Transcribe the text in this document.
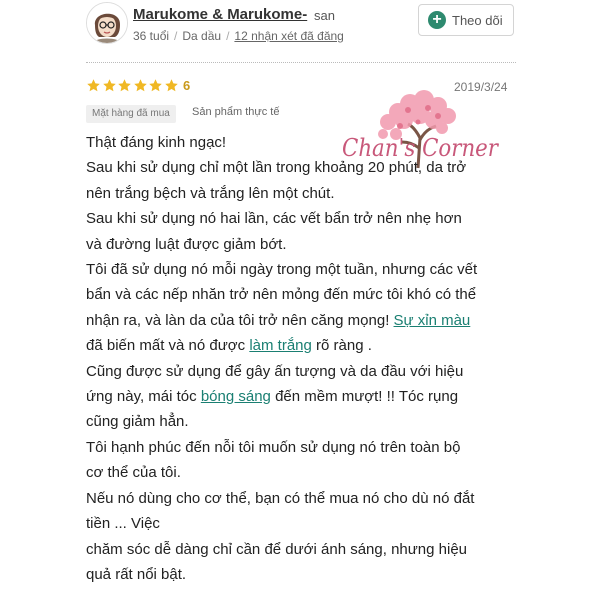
Marukome & Marukome- san
36 tuổi / Da dầu / 12 nhận xét đã đăng
+ Theo dõi
6	2019/3/24
Mặt hàng đã mua	Sản phẩm thực tế
Chan's Corner
Thật đáng kinh ngạc!
Sau khi sử dụng chỉ một lần trong khoảng 20 phút, da trở
nên trắng bệch và trắng lên một chút.
Sau khi sử dụng nó hai lần, các vết bẩn trở nên nhẹ hơn
và đường luật được giảm bớt.
Tôi đã sử dụng nó mỗi ngày trong một tuần, nhưng các vết
bẩn và các nếp nhăn trở nên mỏng đến mức tôi khó có thể
nhận ra, và làn da của tôi trở nên căng mọng! Sự xỉn màu
đã biến mất và nó được làm trắng rõ ràng .
Cũng được sử dụng để gây ấn tượng và da đầu với hiệu
ứng này, mái tóc bóng sáng đến mềm mượt! !! Tóc rụng
cũng giảm hẳn.
Tôi hạnh phúc đến nỗi tôi muốn sử dụng nó trên toàn bộ
cơ thể của tôi.
Nếu nó dùng cho cơ thể, bạn có thể mua nó cho dù nó đắt
tiền ... Việc
chăm sóc dễ dàng chỉ cần để dưới ánh sáng, nhưng hiệu
quả rất nổi bật.
